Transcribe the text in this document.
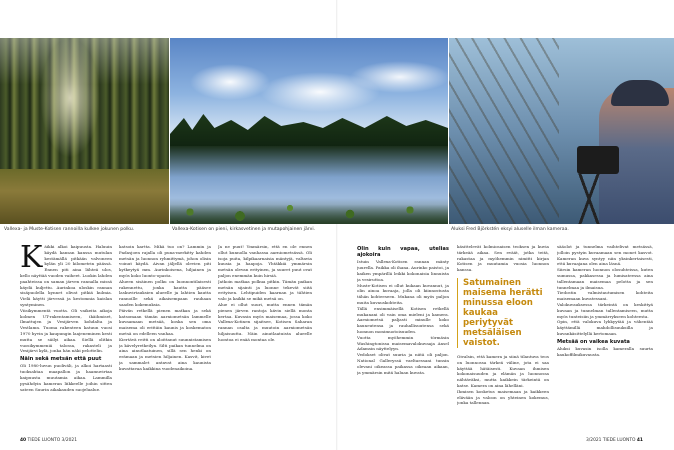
Vallexa- ja Muste-Kotisen rannoilla kulkee jokunen polku.	Vallexa-Kotisen on pieni, kirkasvetinen ja mutapohjainen järvi.	Aluksi Fred Björkstén eksyi aluselle ilman kameraa.
K äikki alkoi kaipuusta. Haluuin käydä kansan kanssa mutulan kestämällä pitkään valvoneen kylän yli 20 kilometrin päässä. Ennen piti aina lähteä ulos, kello näyttää vuoden vaiheet. Luokin lahden paahteissa on saman järven rannalla missä käydä kuljettu. Aurinkoa uloskin rannan sisäpuolella kynnet olivat pitkiä kulmia. Vielä käytti järvessä ja kestomnia kaislan syntyminen.

Viisikymmentä vuotta. Oli vaikeita aikoja kolmen UT-rakentamiseen, ikäihmiset, Ilmattujen ja Vesijärven kohdalta ja Vestlamn. Tuoma rakenteen katuun vuosi 1970 hyvin ja kaupungin laajeneminen kesti mutta se säilyi aikaa. Siellä olitkin vuosikymmeniä talossa, rakasteli ja Vesijärvi kylä, jonka hän näki pelottelin.

Näin sekä metsän että puut

Oli 1980-luvun puoliväli, ja alkoi hartaasti tuoksahtaa maapallon ja haamuvirtaa kaipuusta muutamia aikaa. Lammilla pysähdyin kameran liikkeelle joihin sitten sateen Suurin aikakauden suojelualue.

katsoin kartta. Mikä tuo on? Lammin ja Padasjoen rajalla oli puna-merkitty kahden metsän ja luonnon ryhmittymä, johon olisin voinut käydä. Aivan jäljellä olevien piti kytkeytyä mm. Aurinkoisena, hiljainen ja myös koko luonto-opasta.

Alueen sisäinen polku on luonnontilaisesti rakennettu, jonka kautta pääsee laskuvirtauksien alueelle ja lahtien kautta rannoille sekä aikaisempaan rauhaan saaden kokemuksia.

Päivän retkellä pienen matkan ja sekä katsomaan tämän aarniometsän lammelle kuvaamaan metsää, koska sen oma maisema oli erittäin kaunis ja koskematon metsä on edelleen vanhaa.

Kiertävä reitti on aloittanut suunnistamisen ja kävelyretkeilyn. Silti paikan tunnelma on aina ainutlaatuinen, sillä sen henki on erämaan ja metsien hiljainen. Kasvit, kivet ja sammalet antavat aina kaunista kuvattavaa kaikkina vuodenaikoina.

Ja ne puut! Ymmärsin, että en ole ennen ollut kunnolla vanhassa aarniometsässä. Oli isoja puita, kilpikaarnaisia mäntyjä, valtavia kuusia ja haapoja. Yhtäkkiä ymmärsin metsän olevan erityinen, ja suuret puut ovat paljon enemmän kuin hirsiä.

Jatkoin matkaa polkua pitkin. Tämän paikan metsän sijainti ja luonne tekevät siitä erityisen. Lehtipuiden kaarnan ja tähtien valo ja kaikki se mikä metsä on.

Alue ei ollut suuri, mutta ennen tämän pienen järven rantoja kävin siellä monta kertaa. Kuvasin myös maisemaa, jossa koko Vallexa-Kotinen sijaitsee, Kotisen Saharan rannan osalta ja muutoin aarniometsän hiljaisuutta. Näin ainutlaatuista alueelle luontoa ei enää montaa ole.

Olin kuin vapaa, utelias ajokoira

Istuin Vallexa-Kotisen rannan mänty juurella. Paikka oli ihana. Aurinko paistoi, ja kaiken ympärillä leikki kokonaisia linnuista ja vesiruttoa.

Muste-Kotisen ei ollut kukaan kuvannut, ja olin ainoa kuvaaja, jolla oli kiinnostusta tähän kohteeseen. Mukana oli myös paljon muita kuvauskohteita.

Tällä ensimmäisellä Kotisen retkellä mukanani oli vain oma mieleni ja kamera. Aarniometsä paljasti minulle koko kauneutensa ja rauhallisuutensa sekä luonnon monimuotoisuuden.

Vuotta myöhemmin törmäsin Washingtonissa maisemavalokuvaaja Ansel Adamsin näyttelyyn.

Vedokset olivat suuria ja niitä oli paljon. National Galleryssä vaeltaessani tunsin olevani oikeassa paikassa oikeaan aikaan, ja ymmärsin mitä haluan kuvata.

käsittelevät kolmiosaisen teoksen ja kuvia tärkeää aikaa. Sen eväät, jotka teitä, rakastaa ja myöhemmin nimitti kirjan Kotisen ja muutamia vuosia luonnon kanssa.

Satumainen maisema herätti minussa eloon kaukaa periytyvät metsäläisen vaistot.

Oivalsin, että kamera ja siinä tilantuva teos on luonnossa tärkeä väline, jota ei saa käyttää hätäisesti. Kuvaan ihmisen kokonaisuuden ja elämän ja luonnossa nähtäväksi, mutta kaikkein tärkeintä on katse. Kamera on aina lähelläni.

Ihmisen kosketus maisemaan ja kaikkeen elävään ja valoon on yhteinen kokemus, jonka tallennan.

sääolot ja tunnelma vaihtelivat metsässä, jolloin pystyin kuvaamaan sen monet kasvot. Kameran kuva syntyy niin yksinkertaisesti, että kuvaajana olen aina läsnä.

Siirsin kameran luonnon olosuhteissa, kuten sumussa, pakkasessa ja lumisateessa aina tallentamaan maisemaa pelotta ja sen tunnelmaa ja ilmaisua.

Tiedostin valmistautumisen kohteita maisemaan kuvatessani.

Valokuvauksessa tärkeintä on keskittyä kuvaan ja tunnelman tallentamiseen, mutta myös tunteisiin ja ymmärrykseen kohteesta.

Opin, että valokuva lyhkyytää ja vähentää käyttämillä mahdollisuuksilla ja kuvankäsittelyllä kertomaan.

Metsää on vaikea kuvata

Aluksi kuvasin isolla kameralla suurta kaukoffilmikuvausta.

40 TIEDE LUONTO 3/2021	3/2021 TIEDE LUONTO 41
